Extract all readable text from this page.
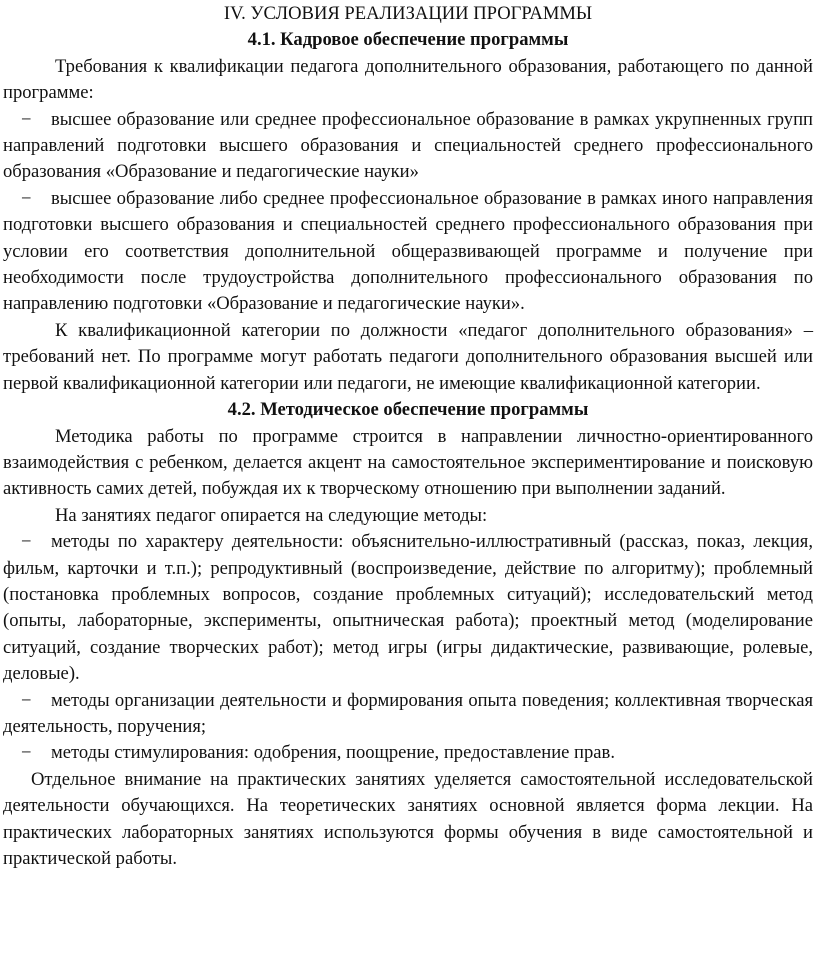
IV. УСЛОВИЯ РЕАЛИЗАЦИИ ПРОГРАММЫ
4.1. Кадровое обеспечение программы

Требования к квалификации педагога дополнительного образования, работающего по данной программе:

− высшее образование или среднее профессиональное образование в рамках укрупненных групп направлений подготовки высшего образования и специальностей среднего профессионального образования «Образование и педагогические науки»

− высшее образование либо среднее профессиональное образование в рамках иного направления подготовки высшего образования и специальностей среднего профессионального образования при условии его соответствия дополнительной общеразвивающей программе и получение при необходимости после трудоустройства дополнительного профессионального образования по направлению подготовки «Образование и педагогические науки».

К квалификационной категории по должности «педагог дополнительного образования» – требований нет. По программе могут работать педагоги дополнительного образования высшей или первой квалификационной категории или педагоги, не имеющие квалификационной категории.

4.2. Методическое обеспечение программы

Методика работы по программе строится в направлении личностно-ориентированного взаимодействия с ребенком, делается акцент на самостоятельное экспериментирование и поисковую активность самих детей, побуждая их к творческому отношению при выполнении заданий.

На занятиях педагог опирается на следующие методы:

− методы по характеру деятельности: объяснительно-иллюстративный (рассказ, показ, лекция, фильм, карточки и т.п.); репродуктивный (воспроизведение, действие по алгоритму); проблемный (постановка проблемных вопросов, создание проблемных ситуаций); исследовательский метод (опыты, лабораторные, эксперименты, опытническая работа); проектный метод (моделирование ситуаций, создание творческих работ); метод игры (игры дидактические, развивающие, ролевые, деловые).

− методы организации деятельности и формирования опыта поведения; коллективная творческая деятельность, поручения;

− методы стимулирования: одобрения, поощрение, предоставление прав.

Отдельное внимание на практических занятиях уделяется самостоятельной исследовательской деятельности обучающихся. На теоретических занятиях основной является форма лекции. На практических лабораторных занятиях используются формы обучения в виде самостоятельной и практической работы.
